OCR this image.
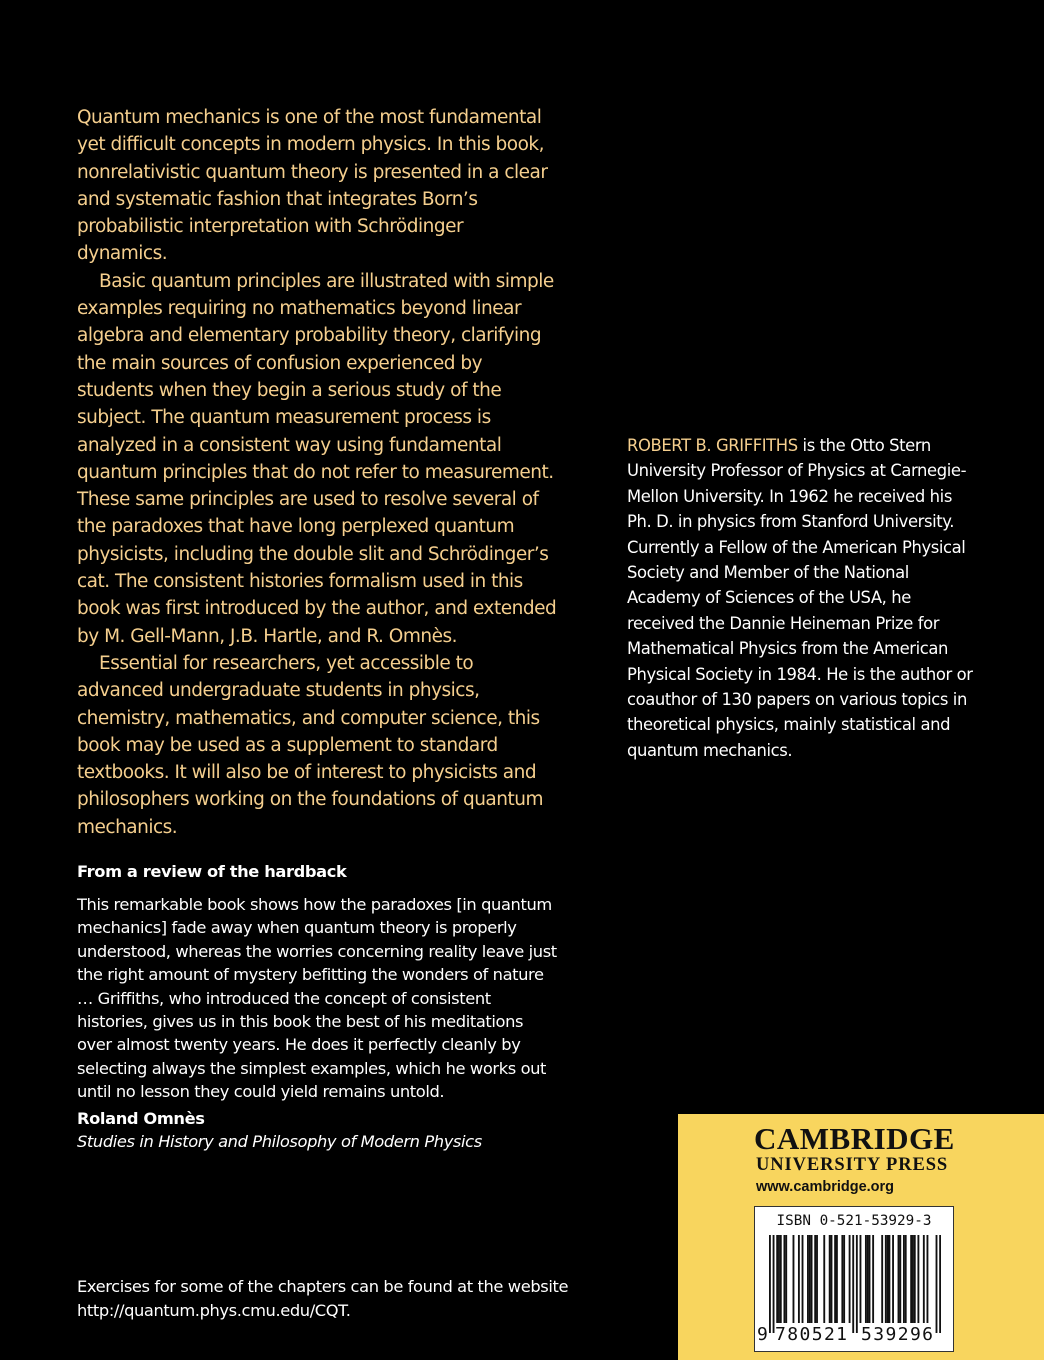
Quantum mechanics is one of the most fundamental yet difficult concepts in modern physics. In this book, nonrelativistic quantum theory is presented in a clear and systematic fashion that integrates Born’s probabilistic interpretation with Schrödinger dynamics.

Basic quantum principles are illustrated with simple examples requiring no mathematics beyond linear algebra and elementary probability theory, clarifying the main sources of confusion experienced by students when they begin a serious study of the subject. The quantum measurement process is analyzed in a consistent way using fundamental quantum principles that do not refer to measurement. These same principles are used to resolve several of the paradoxes that have long perplexed quantum physicists, including the double slit and Schrödinger’s cat. The consistent histories formalism used in this book was first introduced by the author, and extended by M. Gell-Mann, J.B. Hartle, and R. Omnès.

Essential for researchers, yet accessible to advanced undergraduate students in physics, chemistry, mathematics, and computer science, this book may be used as a supplement to standard textbooks. It will also be of interest to physicists and philosophers working on the foundations of quantum mechanics.

ROBERT B. GRIFFITHS is the Otto Stern University Professor of Physics at Carnegie-Mellon University. In 1962 he received his Ph. D. in physics from Stanford University. Currently a Fellow of the American Physical Society and Member of the National Academy of Sciences of the USA, he received the Dannie Heineman Prize for Mathematical Physics from the American Physical Society in 1984. He is the author or coauthor of 130 papers on various topics in theoretical physics, mainly statistical and quantum mechanics.
From a review of the hardback

This remarkable book shows how the paradoxes [in quantum mechanics] fade away when quantum theory is properly understood, whereas the worries concerning reality leave just the right amount of mystery befitting the wonders of nature … Griffiths, who introduced the concept of consistent histories, gives us in this book the best of his meditations over almost twenty years. He does it perfectly cleanly by selecting always the simplest examples, which he works out until no lesson they could yield remains untold.

Roland Omnès

Studies in History and Philosophy of Modern Physics

Exercises for some of the chapters can be found at the website
http://quantum.phys.cmu.edu/CQT.
CAMBRIDGE
UNIVERSITY PRESS
www.cambridge.org
ISBN 0-521-53929-3
9 780521 539296
